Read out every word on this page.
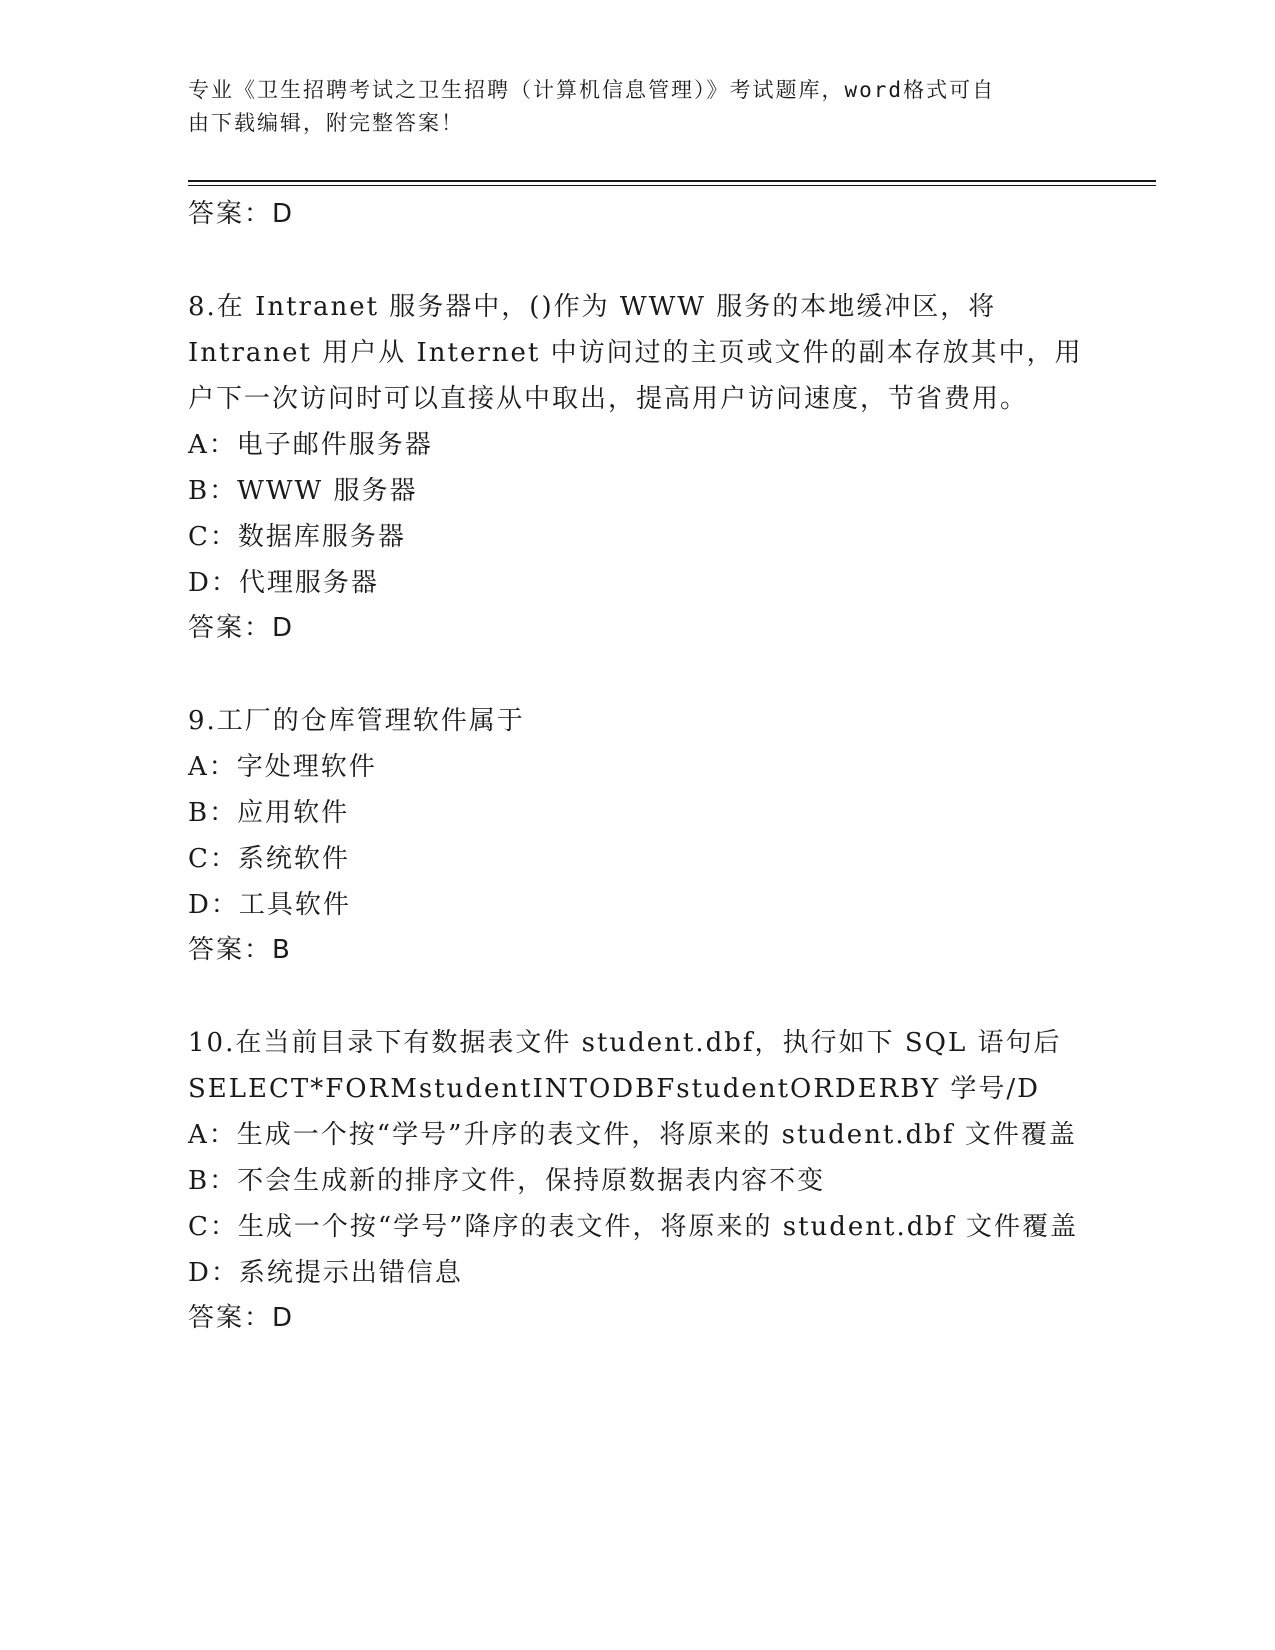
专业《卫生招聘考试之卫生招聘（计算机信息管理）》考试题库，word格式可自
由下载编辑，附完整答案！

答案：D

8.在 Intranet 服务器中，()作为 WWW 服务的本地缓冲区，将 Intranet 用户从 Internet 中访问过的主页或文件的副本存放其中，用户下一次访问时可以直接从中取出，提高用户访问速度，节省费用。

A：电子邮件服务器

B：WWW 服务器

C：数据库服务器

D：代理服务器

答案：D

9.工厂的仓库管理软件属于

A：字处理软件

B：应用软件

C：系统软件

D：工具软件

答案：B

10.在当前目录下有数据表文件 student.dbf，执行如下 SQL 语句后 SELECT*FORMstudentINTODBFstudentORDERBY 学号/D

A：生成一个按“学号”升序的表文件，将原来的 student.dbf 文件覆盖

B：不会生成新的排序文件，保持原数据表内容不变

C：生成一个按“学号”降序的表文件，将原来的 student.dbf 文件覆盖

D：系统提示出错信息

答案：D
